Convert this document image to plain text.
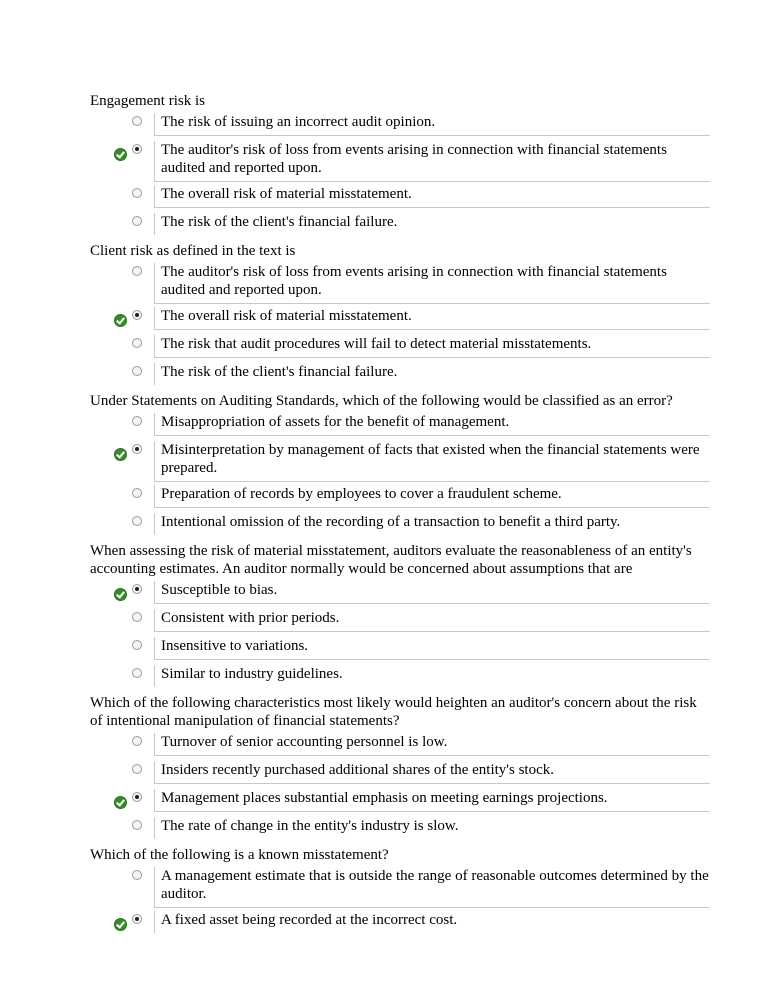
Engagement risk is
The risk of issuing an incorrect audit opinion.
The auditor's risk of loss from events arising in connection with financial statements audited and reported upon.
The overall risk of material misstatement.
The risk of the client's financial failure.
Client risk as defined in the text is
The auditor's risk of loss from events arising in connection with financial statements audited and reported upon.
The overall risk of material misstatement.
The risk that audit procedures will fail to detect material misstatements.
The risk of the client's financial failure.
Under Statements on Auditing Standards, which of the following would be classified as an error?
Misappropriation of assets for the benefit of management.
Misinterpretation by management of facts that existed when the financial statements were prepared.
Preparation of records by employees to cover a fraudulent scheme.
Intentional omission of the recording of a transaction to benefit a third party.
When assessing the risk of material misstatement, auditors evaluate the reasonableness of an entity's accounting estimates. An auditor normally would be concerned about assumptions that are
Susceptible to bias.
Consistent with prior periods.
Insensitive to variations.
Similar to industry guidelines.
Which of the following characteristics most likely would heighten an auditor's concern about the risk of intentional manipulation of financial statements?
Turnover of senior accounting personnel is low.
Insiders recently purchased additional shares of the entity's stock.
Management places substantial emphasis on meeting earnings projections.
The rate of change in the entity's industry is slow.
Which of the following is a known misstatement?
A management estimate that is outside the range of reasonable outcomes determined by the auditor.
A fixed asset being recorded at the incorrect cost.
